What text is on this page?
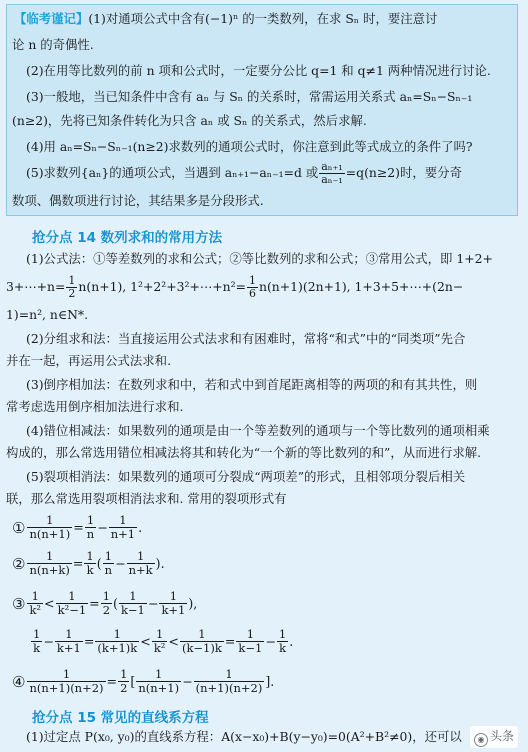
【临考谨记】(1)对通项公式中含有(−1)ⁿ 的一类数列，在求 Sₙ 时，要注意讨
论 n 的奇偶性.
(2)在用等比数列的前 n 项和公式时，一定要分公比 q=1 和 q≠1 两种情况进行讨论.
(3)一般地，当已知条件中含有 aₙ 与 Sₙ 的关系时，常需运用关系式 aₙ=Sₙ−Sₙ₋₁
(n≥2)，先将已知条件转化为只含 aₙ 或 Sₙ 的关系式，然后求解.
(4)用 aₙ=Sₙ−Sₙ₋₁(n≥2)求数列的通项公式时，你注意到此等式成立的条件了吗?
(5)求数列{aₙ}的通项公式，当遇到 aₙ₊₁−aₙ₋₁=d 或 $\frac{\text{aₙ₊₁}}{\text{aₙ₋₁}} =q(n\ge 2)$时，要分奇
数项、偶数项进行讨论，其结果多是分段形式.
抢分点 14 数列求和的常用方法
(1)公式法：①等差数列的求和公式；②等比数列的求和公式；③常用公式，即 1+2+
3+⋯+n= $\frac{1}{2} n(n+1)$, 1²+2²+3²+⋯+n²= $\frac{1}{6} n(n+1)(2n+1)$, 1+3+5+⋯+(2n−
1)=n², n∈N*.
(2)分组求和法：当直接运用公式法求和有困难时，常将“和式”中的“同类项”先合
并在一起，再运用公式法求和.
(3)倒序相加法：在数列求和中，若和式中到首尾距离相等的两项的和有其共性，则
常考虑选用倒序相加法进行求和.
(4)错位相减法：如果数列的通项是由一个等差数列的通项与一个等比数列的通项相乘
构成的，那么常选用错位相减法将其和转化为“一个新的等比数列的和”，从而进行求解.
(5)裂项相消法：如果数列的通项可分裂成“两项差”的形式，且相邻项分裂后相关
联，那么常选用裂项相消法求和. 常用的裂项形式有
① $\frac{1}{n(n+1)} = \frac{1}{n} - \frac{1}{n+1}$ .
② $\frac{1}{n(n+k)} = \frac{1}{k}$ ( $\frac{1}{n} - \frac{1}{n+k}$ ).
③ $\frac{1}{\text{k²}} < \frac{1}{\text{k²−1}} = \frac{1}{2}$ ( $\frac{1}{k-1} - \frac{1}{k+1}$ ),
$\frac{1}{k} - \frac{1}{k+1} = \frac{1}{(k+1)k} < \frac{1}{\text{k²}} < \frac{1}{(k-1)k} = \frac{1}{k-1} - \frac{1}{k}$ .
④ $\frac{1}{n(n+1)(n+2)} = \frac{1}{2}$ [ $\frac{1}{n(n+1)} - \frac{1}{(n+1)(n+2)}$ ].
抢分点 15 常见的直线系方程
(1)过定点 P(x₀, y₀)的直线系方程：A(x−x₀)+B(y−y₀)=0(A²+B²≠0)，还可以	◉ 头条
